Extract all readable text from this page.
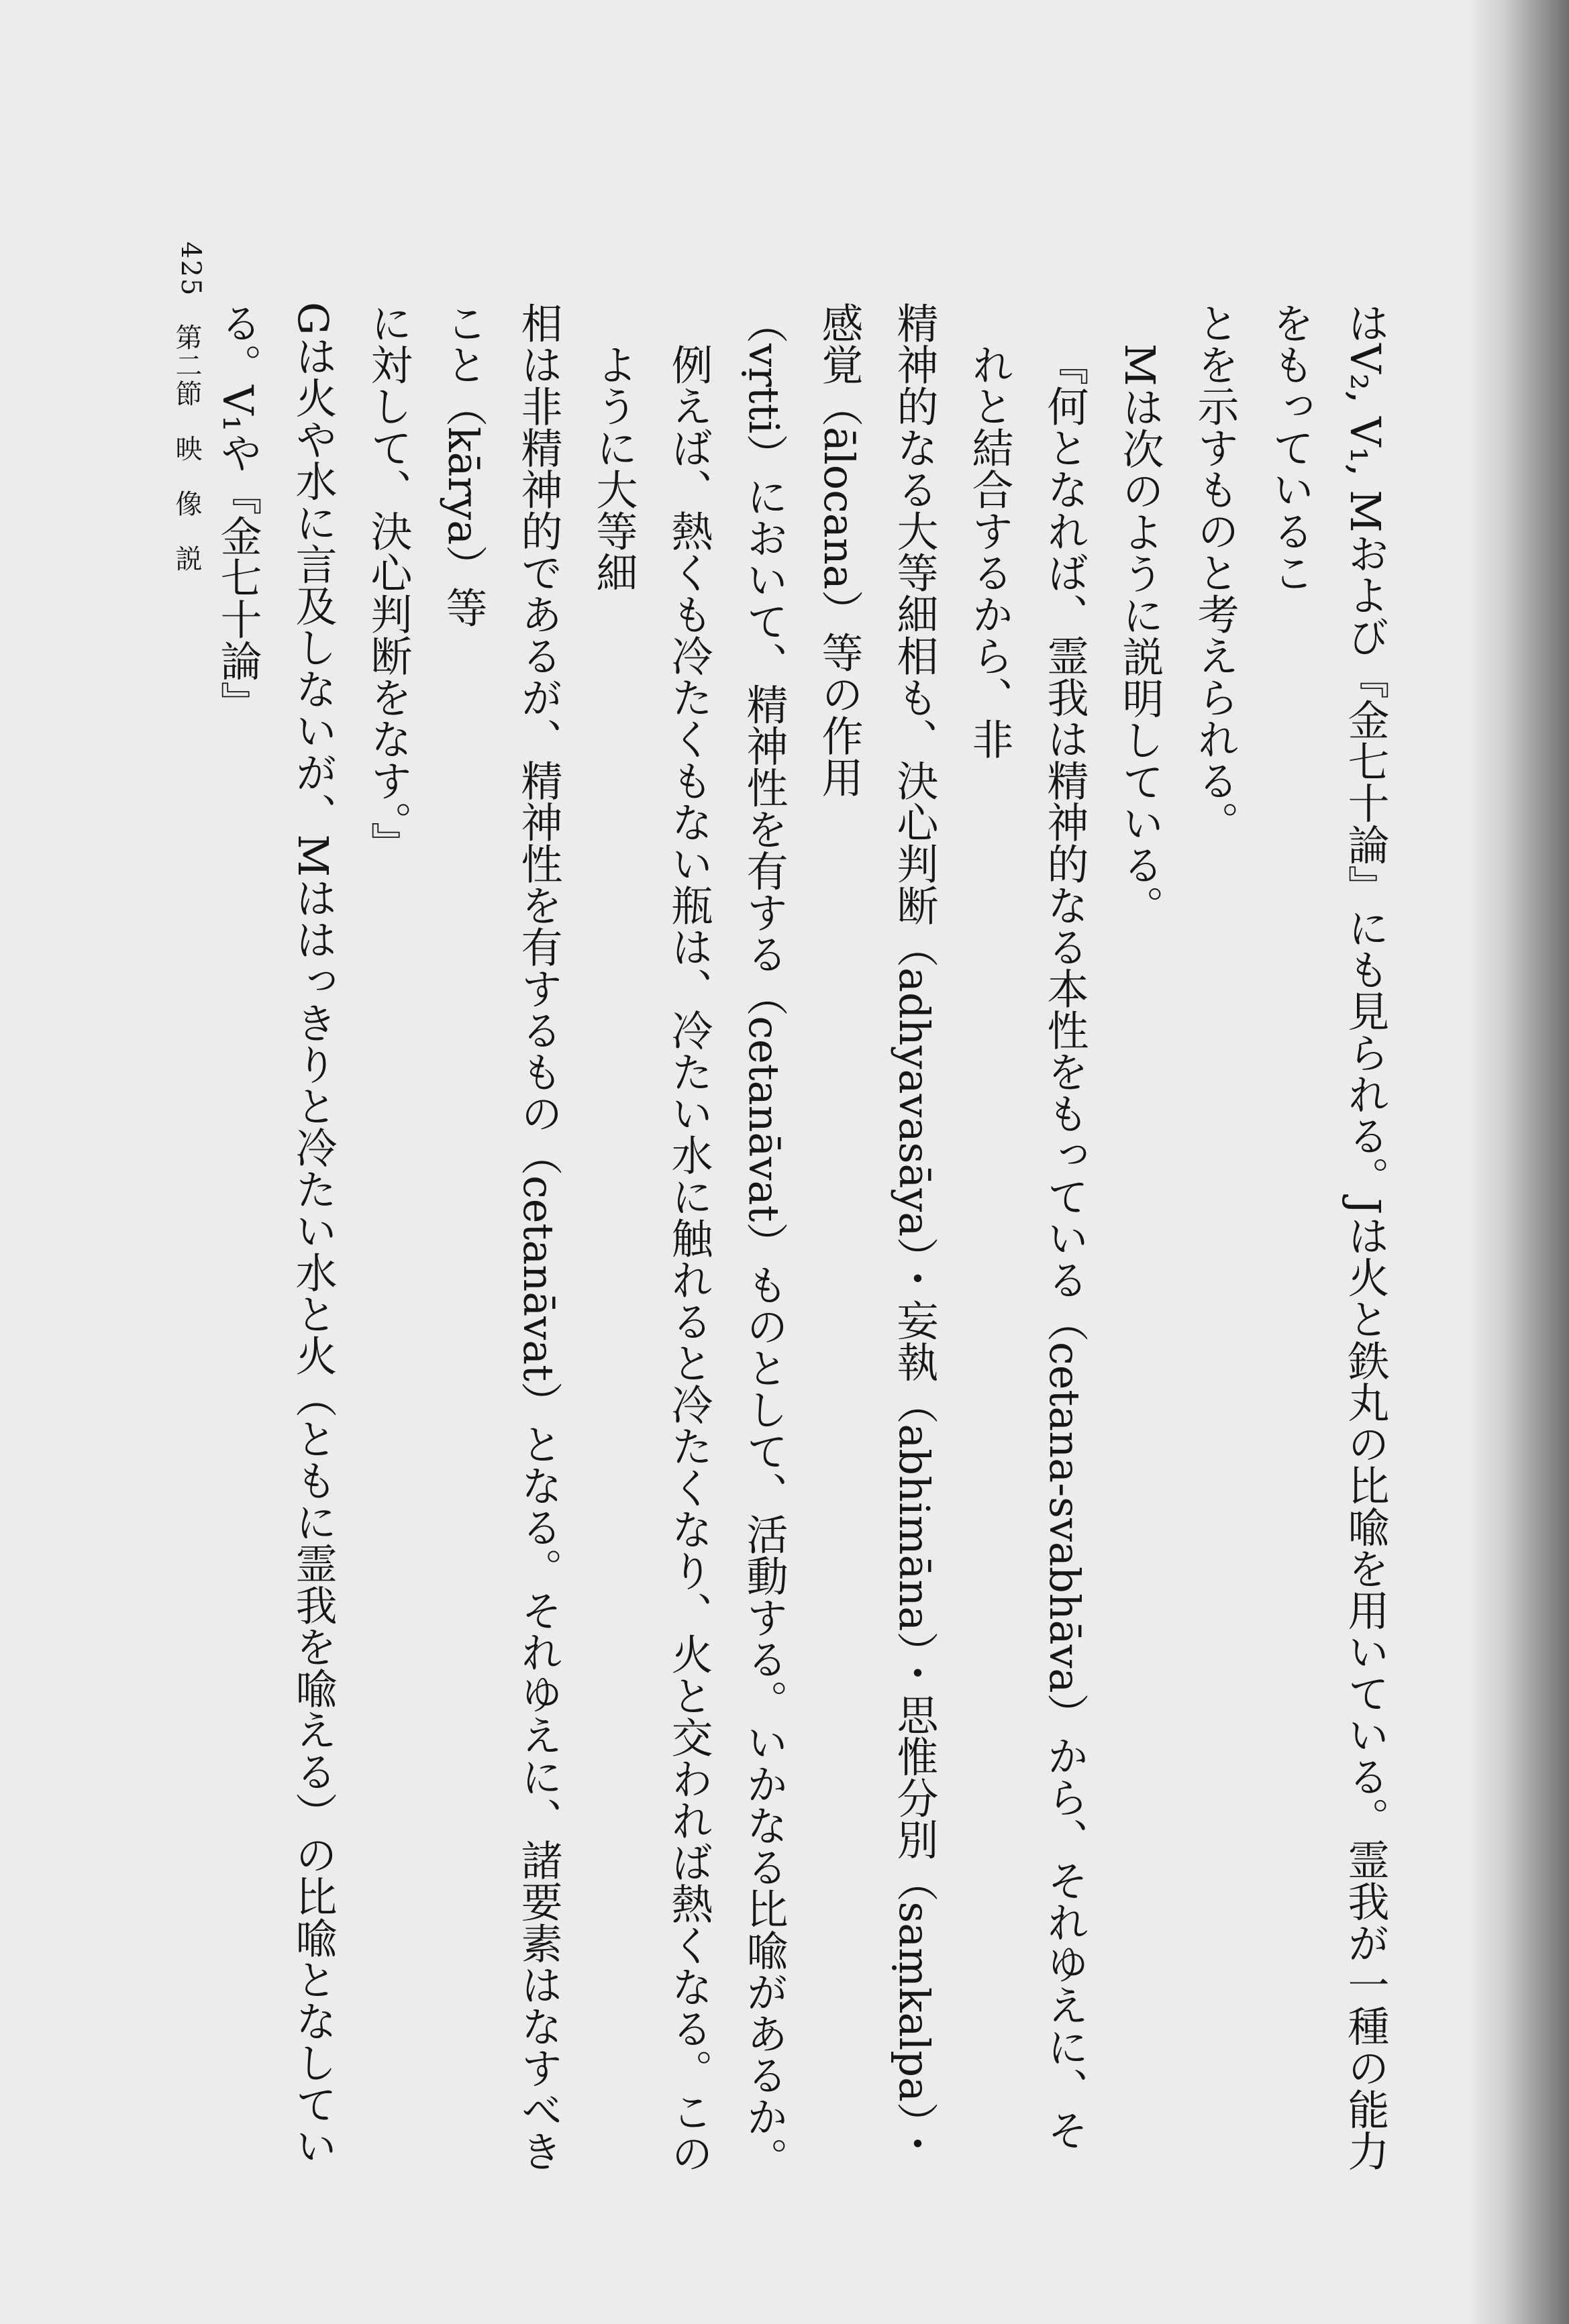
425
第二節
映
像
説	はV₂, V₁, Mおよび『金七十論』にも見られる。Jは火と鉄丸の比喩を用いている。霊我が一種の能力をもっているこ

とを示すものと考えられる。

Mは次のように説明している。

『何となれば、霊我は精神的なる本性をもっている（cetana-svabhāva）から、それゆえに、それと結合するから、非

精神的なる大等細相も、決心判断（adhyavasāya）・妄執（abhimāna）・思惟分別（saṃkalpa）・感覚（ālocana）等の作用

（vṛtti）において、精神性を有する（cetanāvat）ものとして、活動する。いかなる比喩があるか。

例えば、熱くも冷たくもない瓶は、冷たい水に触れると冷たくなり、火と交われば熱くなる。このように大等細

相は非精神的であるが、精神性を有するもの（cetanāvat）となる。それゆえに、諸要素はなすべきこと（kārya）等

に対して、決心判断をなす。』

Gは火や水に言及しないが、Mははっきりと冷たい水と火（ともに霊我を喩える）の比喩となしている。V₁や『金七十論』
